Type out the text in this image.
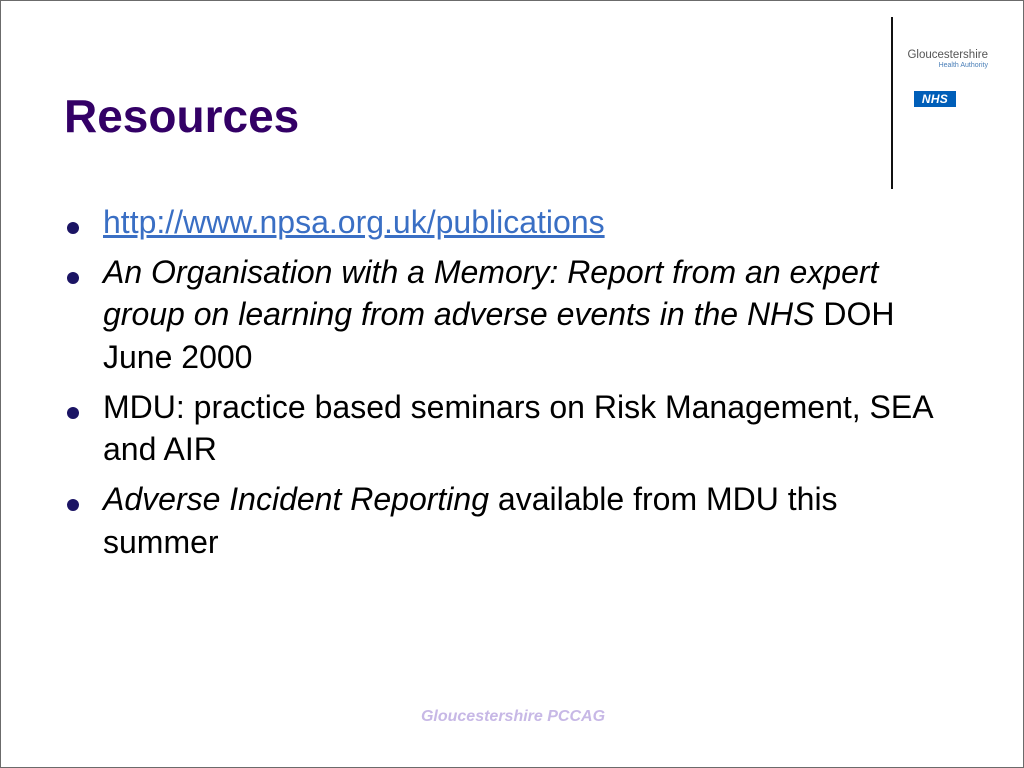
Resources
Gloucestershire
Health Authority
NHS
http://www.npsa.org.uk/publications
An Organisation with a Memory: Report from an expert group on learning from adverse events in the NHS DOH June 2000
MDU: practice based seminars on Risk Management, SEA and AIR
Adverse Incident Reporting available from MDU this summer
Gloucestershire PCCAG
